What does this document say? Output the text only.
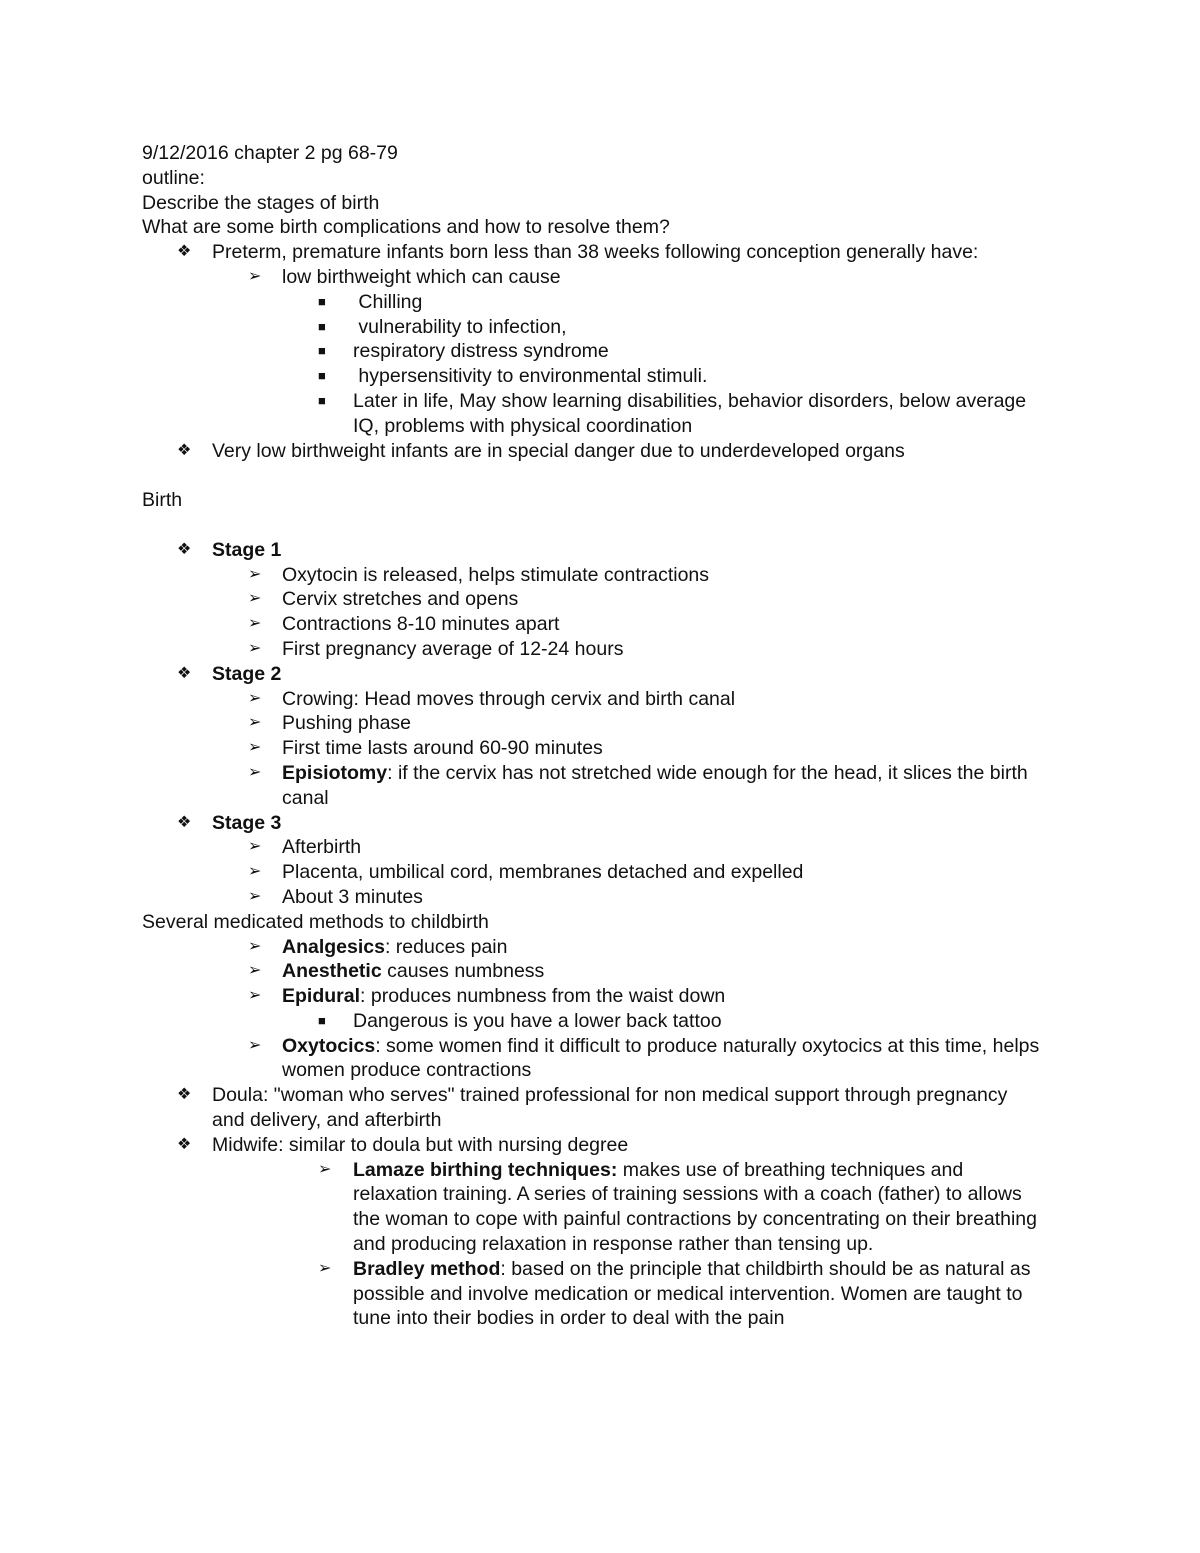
9/12/2016 chapter 2 pg 68-79
outline:
Describe the stages of birth
What are some birth complications and how to resolve them?
❖ Preterm, premature infants born less than 38 weeks following conception generally have:
➢ low birthweight which can cause
■ Chilling
■ vulnerability to infection,
■ respiratory distress syndrome
■ hypersensitivity to environmental stimuli.
■ Later in life, May show learning disabilities, behavior disorders, below average IQ, problems with physical coordination
❖ Very low birthweight infants are in special danger due to underdeveloped organs
Birth
❖ Stage 1
➢ Oxytocin is released, helps stimulate contractions
➢ Cervix stretches and opens
➢ Contractions 8-10 minutes apart
➢ First pregnancy average of 12-24 hours
❖ Stage 2
➢ Crowing: Head moves through cervix and birth canal
➢ Pushing phase
➢ First time lasts around 60-90 minutes
➢ Episiotomy: if the cervix has not stretched wide enough for the head, it slices the birth canal
❖ Stage 3
➢ Afterbirth
➢ Placenta, umbilical cord, membranes detached and expelled
➢ About 3 minutes
Several medicated methods to childbirth
➢ Analgesics: reduces pain
➢ Anesthetic causes numbness
➢ Epidural: produces numbness from the waist down
■ Dangerous is you have a lower back tattoo
➢ Oxytocics: some women find it difficult to produce naturally oxytocics at this time, helps women produce contractions
❖ Doula: "woman who serves" trained professional for non medical support through pregnancy and delivery, and afterbirth
❖ Midwife: similar to doula but with nursing degree
➢ Lamaze birthing techniques: makes use of breathing techniques and relaxation training. A series of training sessions with a coach (father) to allows the woman to cope with painful contractions by concentrating on their breathing and producing relaxation in response rather than tensing up.
➢ Bradley method: based on the principle that childbirth should be as natural as possible and involve medication or medical intervention. Women are taught to tune into their bodies in order to deal with the pain
